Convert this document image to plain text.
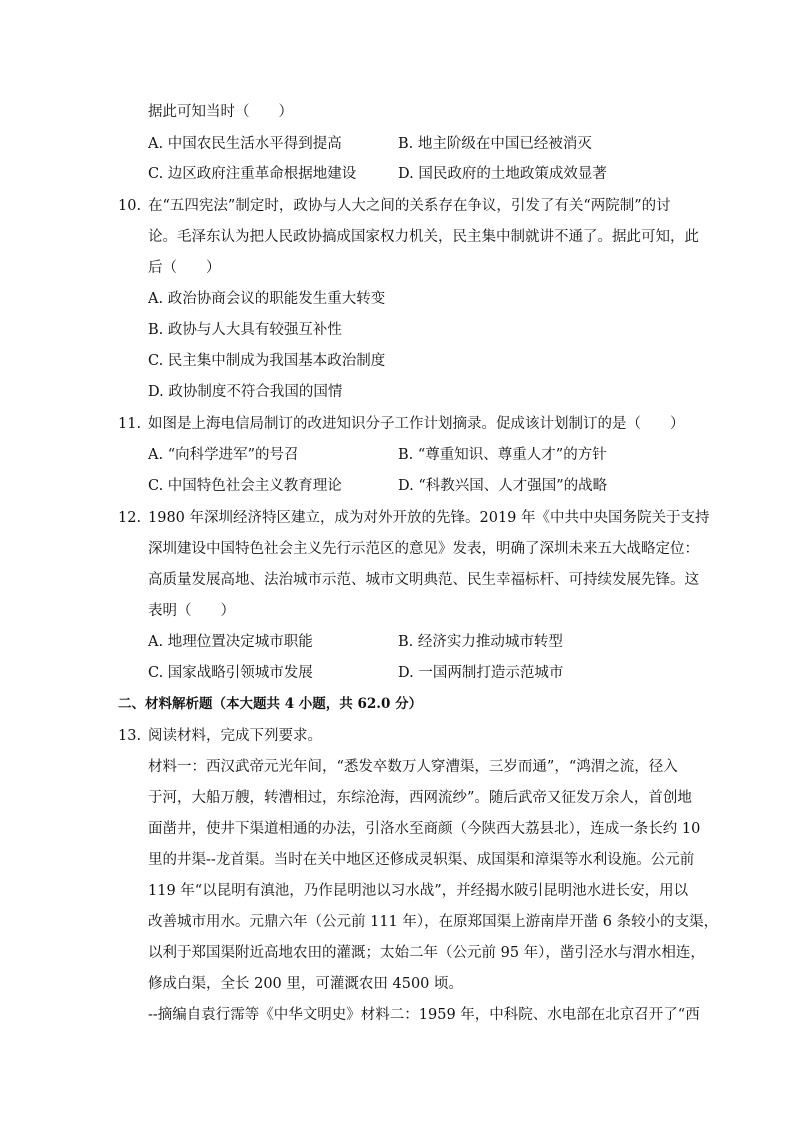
据此可知当时（　　）
A. 中国农民生活水平得到提高	B. 地主阶级在中国已经被消灭
C. 边区政府注重革命根据地建设	D. 国民政府的土地政策成效显著
10. 在“五四宪法”制定时，政协与人大之间的关系存在争议，引发了有关“两院制”的讨
论。毛泽东认为把人民政协搞成国家权力机关，民主集中制就讲不通了。据此可知，此
后（　　）
A. 政治协商会议的职能发生重大转变
B. 政协与人大具有较强互补性
C. 民主集中制成为我国基本政治制度
D. 政协制度不符合我国的国情
11. 如图是上海电信局制订的改进知识分子工作计划摘录。促成该计划制订的是（　　）
A. “向科学进军”的号召	B. “尊重知识、尊重人才”的方针
C. 中国特色社会主义教育理论	D. “科教兴国、人才强国”的战略
12. 1980 年深圳经济特区建立，成为对外开放的先锋。2019 年《中共中央国务院关于支持
深圳建设中国特色社会主义先行示范区的意见》发表，明确了深圳未来五大战略定位：
高质量发展高地、法治城市示范、城市文明典范、民生幸福标杆、可持续发展先锋。这
表明（　　）
A. 地理位置决定城市职能	B. 经济实力推动城市转型
C. 国家战略引领城市发展	D. 一国两制打造示范城市
二、材料解析题（本大题共 4 小题，共 62.0 分）
13. 阅读材料，完成下列要求。
材料一：西汉武帝元光年间，“悉发卒数万人穿漕渠，三岁而通”，“鸿渭之流，径入
于河，大船万艘，转漕相过，东综沧海，西网流纱”。随后武帝又征发万余人，首创地
面凿井，使井下渠道相通的办法，引洛水至商颜（今陕西大荔县北），连成一条长约 10
里的井渠--龙首渠。当时在关中地区还修成灵轵渠、成国渠和漳渠等水利设施。公元前
119 年“以昆明有滇池，乃作昆明池以习水战”，并经揭水陂引昆明池水进长安，用以
改善城市用水。元鼎六年（公元前 111 年），在原郑国渠上游南岸开凿 6 条较小的支渠，
以利于郑国渠附近高地农田的灌溉；太始二年（公元前 95 年），凿引泾水与渭水相连，
修成白渠，全长 200 里，可灌溉农田 4500 顷。
--摘编自袁行霈等《中华文明史》材料二：1959 年，中科院、水电部在北京召开了“西
